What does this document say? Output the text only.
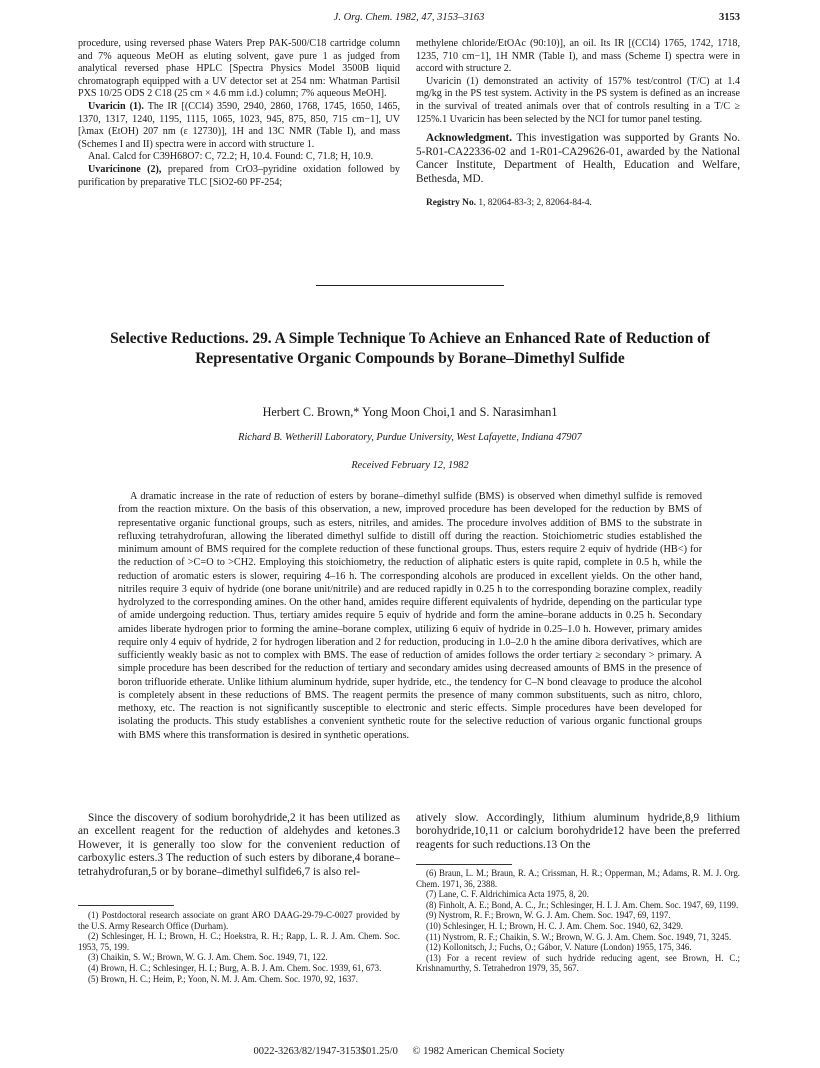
J. Org. Chem. 1982, 47, 3153–3163	3153

procedure, using reversed phase Waters Prep PAK-500/C18 cartridge column and 7% aqueous MeOH as eluting solvent, gave pure 1 as judged from analytical reversed phase HPLC [Spectra Physics Model 3500B liquid chromatograph equipped with a UV detector set at 254 nm: Whatman Partisil PXS 10/25 ODS 2 C18 (25 cm × 4.6 mm i.d.) column; 7% aqueous MeOH].

Uvaricin (1). The IR [(CCl4) 3590, 2940, 2860, 1768, 1745, 1650, 1465, 1370, 1317, 1240, 1195, 1115, 1065, 1023, 945, 875, 850, 715 cm−1], UV [λmax (EtOH) 207 nm (ε 12730)], 1H and 13C NMR (Table I), and mass (Schemes I and II) spectra were in accord with structure 1.

Anal. Calcd for C39H68O7: C, 72.2; H, 10.4. Found: C, 71.8; H, 10.9.

Uvaricinone (2), prepared from CrO3–pyridine oxidation followed by purification by preparative TLC [SiO2-60 PF-254;

methylene chloride/EtOAc (90:10)], an oil. Its IR [(CCl4) 1765, 1742, 1718, 1235, 710 cm−1], 1H NMR (Table I), and mass (Scheme I) spectra were in accord with structure 2.

Uvaricin (1) demonstrated an activity of 157% test/control (T/C) at 1.4 mg/kg in the PS test system. Activity in the PS system is defined as an increase in the survival of treated animals over that of controls resulting in a T/C ≥ 125%.1 Uvaricin has been selected by the NCI for tumor panel testing.

Acknowledgment. This investigation was supported by Grants No. 5-R01-CA22336-02 and 1-R01-CA29626-01, awarded by the National Cancer Institute, Department of Health, Education and Welfare, Bethesda, MD.

Registry No. 1, 82064-83-3; 2, 82064-84-4.

Selective Reductions. 29. A Simple Technique To Achieve an Enhanced Rate of Reduction of Representative Organic Compounds by Borane–Dimethyl Sulfide
Herbert C. Brown,* Yong Moon Choi,1 and S. Narasimhan1
Richard B. Wetherill Laboratory, Purdue University, West Lafayette, Indiana 47907
Received February 12, 1982

A dramatic increase in the rate of reduction of esters by borane–dimethyl sulfide (BMS) is observed when dimethyl sulfide is removed from the reaction mixture. On the basis of this observation, a new, improved procedure has been developed for the reduction by BMS of representative organic functional groups, such as esters, nitriles, and amides. The procedure involves addition of BMS to the substrate in refluxing tetrahydrofuran, allowing the liberated dimethyl sulfide to distill off during the reaction. Stoichiometric studies established the minimum amount of BMS required for the complete reduction of these functional groups. Thus, esters require 2 equiv of hydride (HB<) for the reduction of >C=O to >CH2. Employing this stoichiometry, the reduction of aliphatic esters is quite rapid, complete in 0.5 h, while the reduction of aromatic esters is slower, requiring 4–16 h. The corresponding alcohols are produced in excellent yields. On the other hand, nitriles require 3 equiv of hydride (one borane unit/nitrile) and are reduced rapidly in 0.25 h to the corresponding borazine complex, readily hydrolyzed to the corresponding amines. On the other hand, amides require different equivalents of hydride, depending on the particular type of amide undergoing reduction. Thus, tertiary amides require 5 equiv of hydride and form the amine–borane adducts in 0.25 h. Secondary amides liberate hydrogen prior to forming the amine–borane complex, utilizing 6 equiv of hydride in 0.25–1.0 h. However, primary amides require only 4 equiv of hydride, 2 for hydrogen liberation and 2 for reduction, producing in 1.0–2.0 h the amine dibora derivatives, which are sufficiently weakly basic as not to complex with BMS. The ease of reduction of amides follows the order tertiary ≥ secondary > primary. A simple procedure has been described for the reduction of tertiary and secondary amides using decreased amounts of BMS in the presence of boron trifluoride etherate. Unlike lithium aluminum hydride, super hydride, etc., the tendency for C–N bond cleavage to produce the alcohol is completely absent in these reductions of BMS. The reagent permits the presence of many common substituents, such as nitro, chloro, methoxy, etc. The reaction is not significantly susceptible to electronic and steric effects. Simple procedures have been developed for isolating the products. This study establishes a convenient synthetic route for the selective reduction of various organic functional groups with BMS where this transformation is desired in synthetic operations.

Since the discovery of sodium borohydride,2 it has been utilized as an excellent reagent for the reduction of aldehydes and ketones.3 However, it is generally too slow for the convenient reduction of carboxylic esters.3 The reduction of such esters by diborane,4 borane–tetrahydrofuran,5 or by borane–dimethyl sulfide6,7 is also rel-

atively slow. Accordingly, lithium aluminum hydride,8,9 lithium borohydride,10,11 or calcium borohydride12 have been the preferred reagents for such reductions.13 On the

(1) Postdoctoral research associate on grant ARO DAAG-29-79-C-0027 provided by the U.S. Army Research Office (Durham).
(2) Schlesinger, H. I.; Brown, H. C.; Hoekstra, R. H.; Rapp, L. R. J. Am. Chem. Soc. 1953, 75, 199.
(3) Chaikin, S. W.; Brown, W. G. J. Am. Chem. Soc. 1949, 71, 122.
(4) Brown, H. C.; Schlesinger, H. I.; Burg, A. B. J. Am. Chem. Soc. 1939, 61, 673.
(5) Brown, H. C.; Heim, P.; Yoon, N. M. J. Am. Chem. Soc. 1970, 92, 1637.
(6) Braun, L. M.; Braun, R. A.; Crissman, H. R.; Opperman, M.; Adams, R. M. J. Org. Chem. 1971, 36, 2388.
(7) Lane, C. F. Aldrichimica Acta 1975, 8, 20.
(8) Finholt, A. E.; Bond, A. C., Jr.; Schlesinger, H. I. J. Am. Chem. Soc. 1947, 69, 1199.
(9) Nystrom, R. F.; Brown, W. G. J. Am. Chem. Soc. 1947, 69, 1197.
(10) Schlesinger, H. I.; Brown, H. C. J. Am. Chem. Soc. 1940, 62, 3429.
(11) Nystrom, R. F.; Chaikin, S. W.; Brown, W. G. J. Am. Chem. Soc. 1949, 71, 3245.
(12) Kollonitsch, J.; Fuchs, O.; Gábor, V. Nature (London) 1955, 175, 346.
(13) For a recent review of such hydride reducing agent, see Brown, H. C.; Krishnamurthy, S. Tetrahedron 1979, 35, 567.
0022-3263/82/1947-3153$01.25/0 © 1982 American Chemical Society
